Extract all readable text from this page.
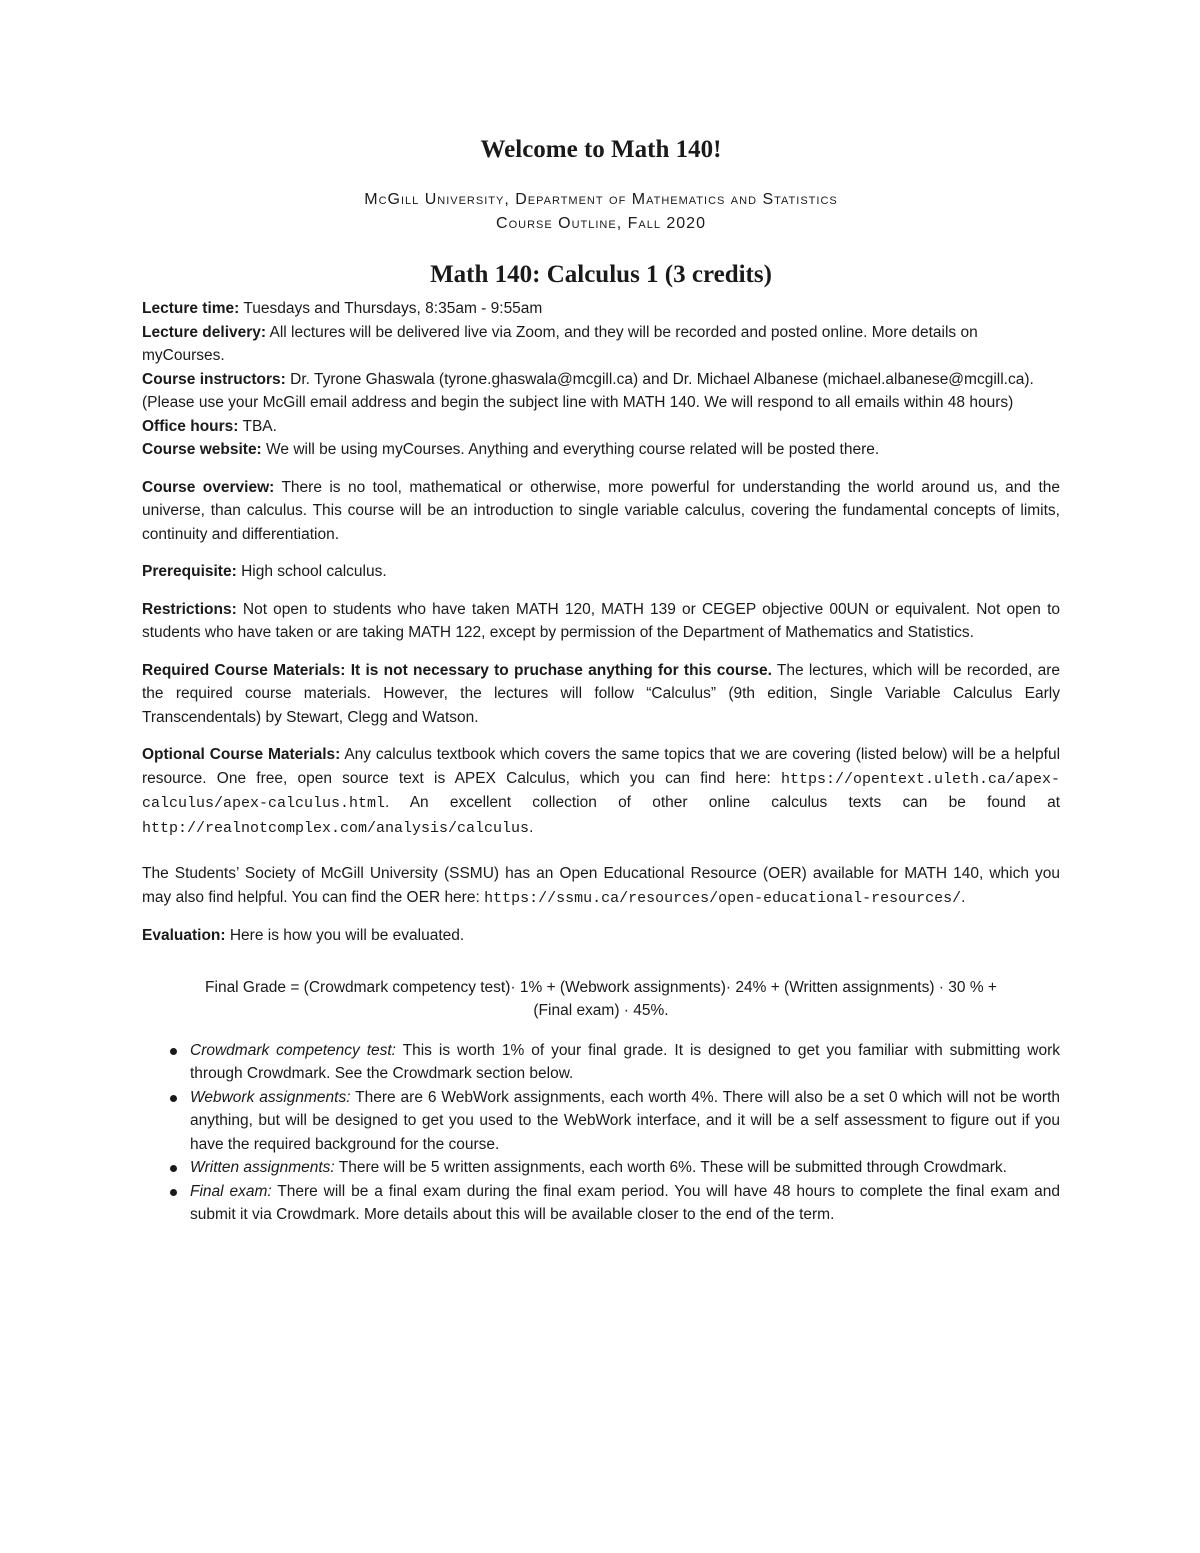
Welcome to Math 140!

McGill University, Department of Mathematics and Statistics

Course Outline, Fall 2020

Math 140: Calculus 1 (3 credits)
Lecture time: Tuesdays and Thursdays, 8:35am - 9:55am
Lecture delivery: All lectures will be delivered live via Zoom, and they will be recorded and posted online. More details on myCourses.
Course instructors: Dr. Tyrone Ghaswala (tyrone.ghaswala@mcgill.ca) and Dr. Michael Albanese (michael.albanese@mcgill.ca). (Please use your McGill email address and begin the subject line with MATH 140. We will respond to all emails within 48 hours)
Office hours: TBA.
Course website: We will be using myCourses. Anything and everything course related will be posted there.

Course overview: There is no tool, mathematical or otherwise, more powerful for understanding the world around us, and the universe, than calculus. This course will be an introduction to single variable calculus, covering the fundamental concepts of limits, continuity and differentiation.

Prerequisite: High school calculus.

Restrictions: Not open to students who have taken MATH 120, MATH 139 or CEGEP objective 00UN or equivalent. Not open to students who have taken or are taking MATH 122, except by permission of the Department of Mathematics and Statistics.

Required Course Materials: It is not necessary to pruchase anything for this course. The lectures, which will be recorded, are the required course materials. However, the lectures will follow “Calculus” (9th edition, Single Variable Calculus Early Transcendentals) by Stewart, Clegg and Watson.

Optional Course Materials: Any calculus textbook which covers the same topics that we are covering (listed below) will be a helpful resource. One free, open source text is APEX Calculus, which you can find here: https://opentext.uleth.ca/apex-calculus/apex-calculus.html. An excellent collection of other online calculus texts can be found at http://realnotcomplex.com/analysis/calculus.

The Students’ Society of McGill University (SSMU) has an Open Educational Resource (OER) available for MATH 140, which you may also find helpful. You can find the OER here: https://ssmu.ca/resources/open-educational-resources/.

Evaluation: Here is how you will be evaluated.

Final Grade = (Crowdmark competency test)· 1% + (Webwork assignments)· 24% + (Written assignments) · 30 % +
(Final exam) · 45%.

Crowdmark competency test: This is worth 1% of your final grade. It is designed to get you familiar with submitting work through Crowdmark. See the Crowdmark section below.
Webwork assignments: There are 6 WebWork assignments, each worth 4%. There will also be a set 0 which will not be worth anything, but will be designed to get you used to the WebWork interface, and it will be a self assessment to figure out if you have the required background for the course.
Written assignments: There will be 5 written assignments, each worth 6%. These will be submitted through Crowdmark.
Final exam: There will be a final exam during the final exam period. You will have 48 hours to complete the final exam and submit it via Crowdmark. More details about this will be available closer to the end of the term.
